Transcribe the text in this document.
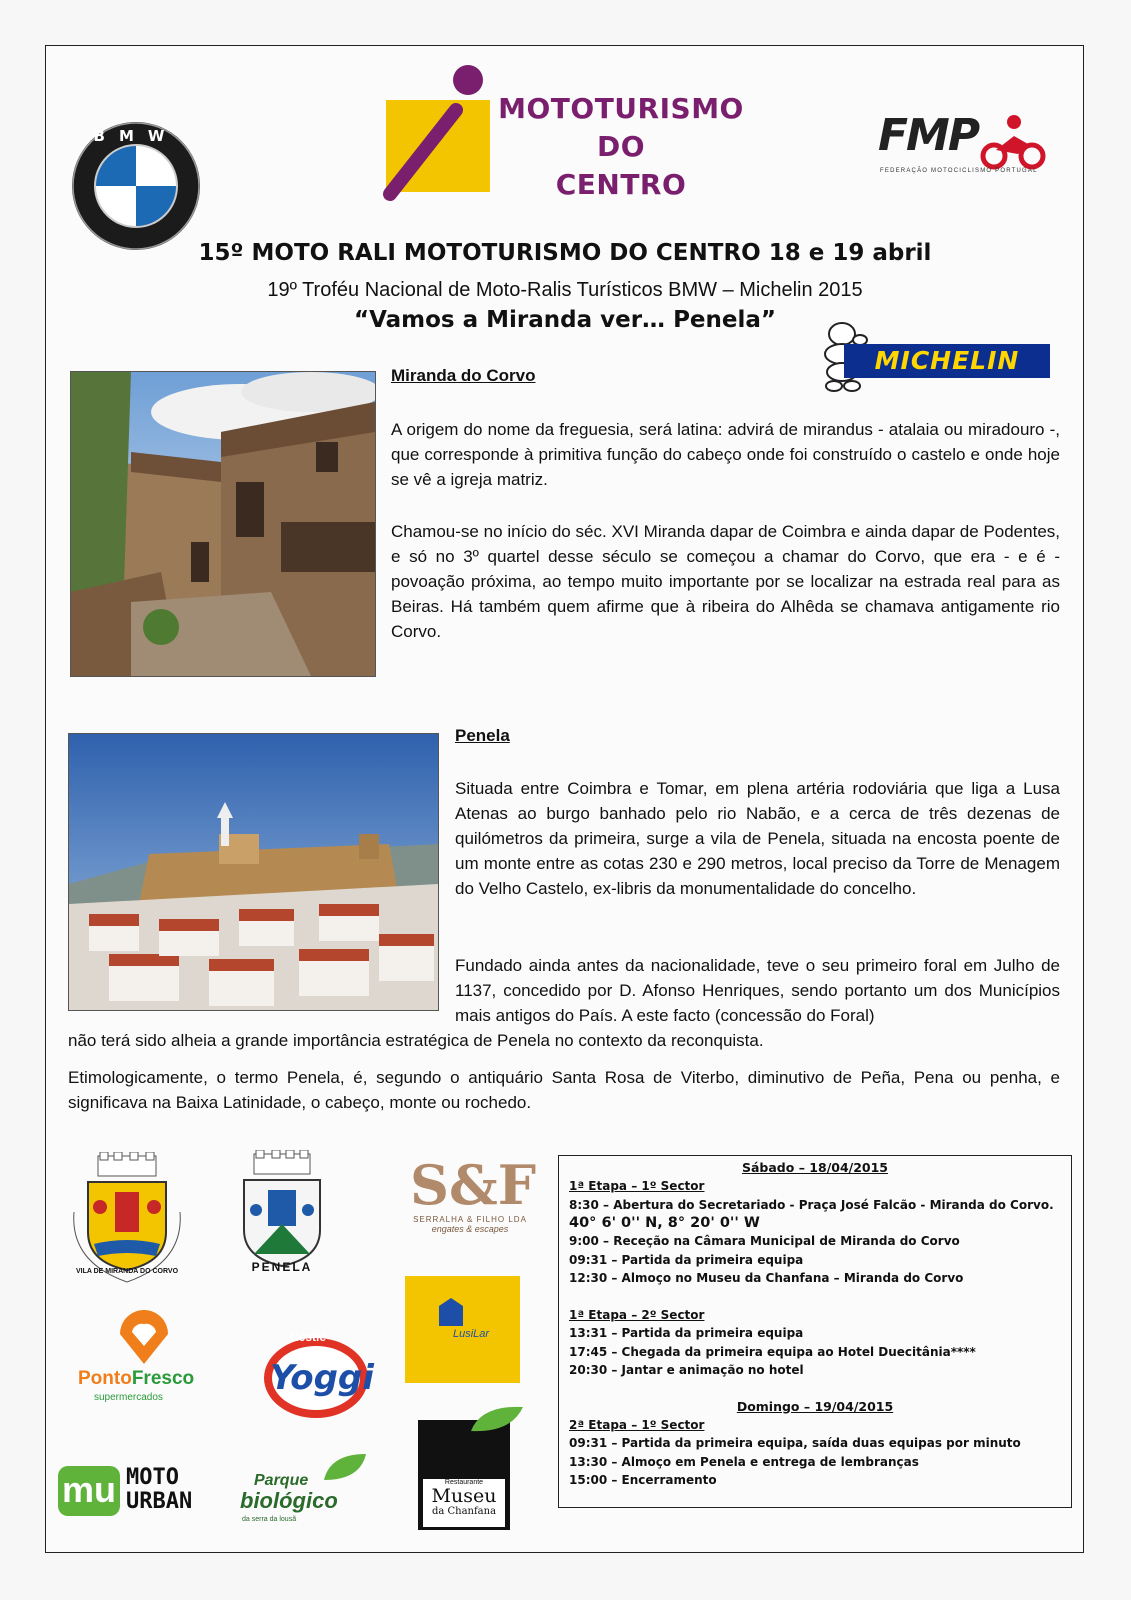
BMW
MOTOTURISMO
DO
CENTRO
FMP
FEDERAÇÃO MOTOCICLISMO PORTUGAL
15º MOTO RALI MOTOTURISMO DO CENTRO 18 e 19 abril
19º Troféu Nacional de Moto-Ralis Turísticos BMW – Michelin 2015
“Vamos a Miranda ver… Penela”
MICHELIN
Miranda do Corvo
A origem do nome da freguesia, será latina: advirá de mirandus - atalaia ou miradouro -, que corresponde à primitiva função do cabeço onde foi construído o castelo e onde hoje se vê a igreja matriz.
Chamou-se no início do séc. XVI Miranda dapar de Coimbra e ainda dapar de Podentes, e só no 3º quartel desse século se começou a chamar do Corvo, que era - e é - povoação próxima, ao tempo muito importante por se localizar na estrada real para as Beiras. Há também quem afirme que à ribeira do Alhêda se chamava antigamente rio Corvo.
Penela
Situada entre Coimbra e Tomar, em plena artéria rodoviária que liga a Lusa Atenas ao burgo banhado pelo rio Nabão, e a cerca de três dezenas de quilómetros da primeira, surge a vila de Penela, situada na encosta poente de um monte entre as cotas 230 e 290 metros, local preciso da Torre de Menagem do Velho Castelo, ex-libris da monumentalidade do concelho.
Fundado ainda antes da nacionalidade, teve o seu primeiro foral em Julho de 1137, concedido por D. Afonso Henriques, sendo portanto um dos Municípios mais antigos do País. A este facto (concessão do Foral)
não terá sido alheia a grande importância estratégica de Penela no contexto da reconquista.
Etimologicamente, o termo Penela, é, segundo o antiquário Santa Rosa de Viterbo, diminutivo de Peña, Pena ou penha, e significava na Baixa Latinidade, o cabeço, monte ou rochedo.
VILA DE MIRANDA DO CORVO	PENELA
S&F
SERRALHA & FILHO LDA
engates & escapes
LusiLar
PontoFresco
supermercados
Nestlé
Yoggi
mu MOTO
URBAN
Parque
biológico
da serra da lousã
Restaurante
Museu
da Chanfana
Sábado – 18/04/2015
1ª Etapa – 1º Sector
8:30 – Abertura do Secretariado - Praça José Falcão - Miranda do Corvo.
40° 6' 0'' N, 8° 20' 0'' W
9:00 – Receção na Câmara Municipal de Miranda do Corvo
09:31 – Partida da primeira equipa
12:30 – Almoço no Museu da Chanfana – Miranda do Corvo
1ª Etapa – 2º Sector
13:31 – Partida da primeira equipa
17:45 – Chegada da primeira equipa ao Hotel Duecitânia****
20:30 – Jantar e animação no hotel
Domingo – 19/04/2015
2ª Etapa – 1º Sector
09:31 – Partida da primeira equipa, saída duas equipas por minuto
13:30 – Almoço em Penela e entrega de lembranças
15:00 – Encerramento
